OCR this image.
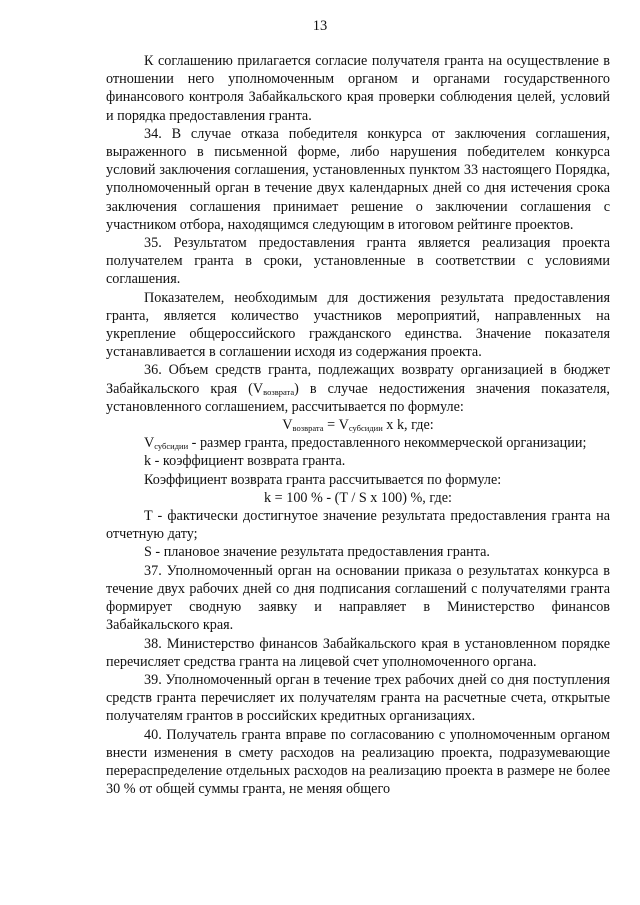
13

К соглашению прилагается согласие получателя гранта на осуществление в отношении него уполномоченным органом и органами государственного финансового контроля Забайкальского края проверки соблюдения целей, условий и порядка предоставления гранта.

34. В случае отказа победителя конкурса от заключения соглашения, выраженного в письменной форме, либо нарушения победителем конкурса условий заключения соглашения, установленных пунктом 33 настоящего Порядка, уполномоченный орган в течение двух календарных дней со дня истечения срока заключения соглашения принимает решение о заключении соглашения с участником отбора, находящимся следующим в итоговом рейтинге проектов.

35. Результатом предоставления гранта является реализация проекта получателем гранта в сроки, установленные в соответствии с условиями соглашения.

Показателем, необходимым для достижения результата предоставления гранта, является количество участников мероприятий, направленных на укрепление общероссийского гражданского единства. Значение показателя устанавливается в соглашении исходя из содержания проекта.

36. Объем средств гранта, подлежащих возврату организацией в бюджет Забайкальского края $(V_{возврата})$ в случае недостижения значения показателя, установленного соглашением, рассчитывается по формуле:

$V_{возврата} = V_{субсидии}$ x k, где:

$V_{субсидии}$ - размер гранта, предоставленного некоммерческой организации;

k - коэффициент возврата гранта.

Коэффициент возврата гранта рассчитывается по формуле:

k = 100 % - (T / S x 100) %, где:

T - фактически достигнутое значение результата предоставления гранта на отчетную дату;

S - плановое значение результата предоставления гранта.

37. Уполномоченный орган на основании приказа о результатах конкурса в течение двух рабочих дней со дня подписания соглашений с получателями гранта формирует сводную заявку и направляет в Министерство финансов Забайкальского края.

38. Министерство финансов Забайкальского края в установленном порядке перечисляет средства гранта на лицевой счет уполномоченного органа.

39. Уполномоченный орган в течение трех рабочих дней со дня поступления средств гранта перечисляет их получателям гранта на расчетные счета, открытые получателям грантов в российских кредитных организациях.

40. Получатель гранта вправе по согласованию с уполномоченным органом внести изменения в смету расходов на реализацию проекта, подразумевающие перераспределение отдельных расходов на реализацию проекта в размере не более 30 % от общей суммы гранта, не меняя общего
